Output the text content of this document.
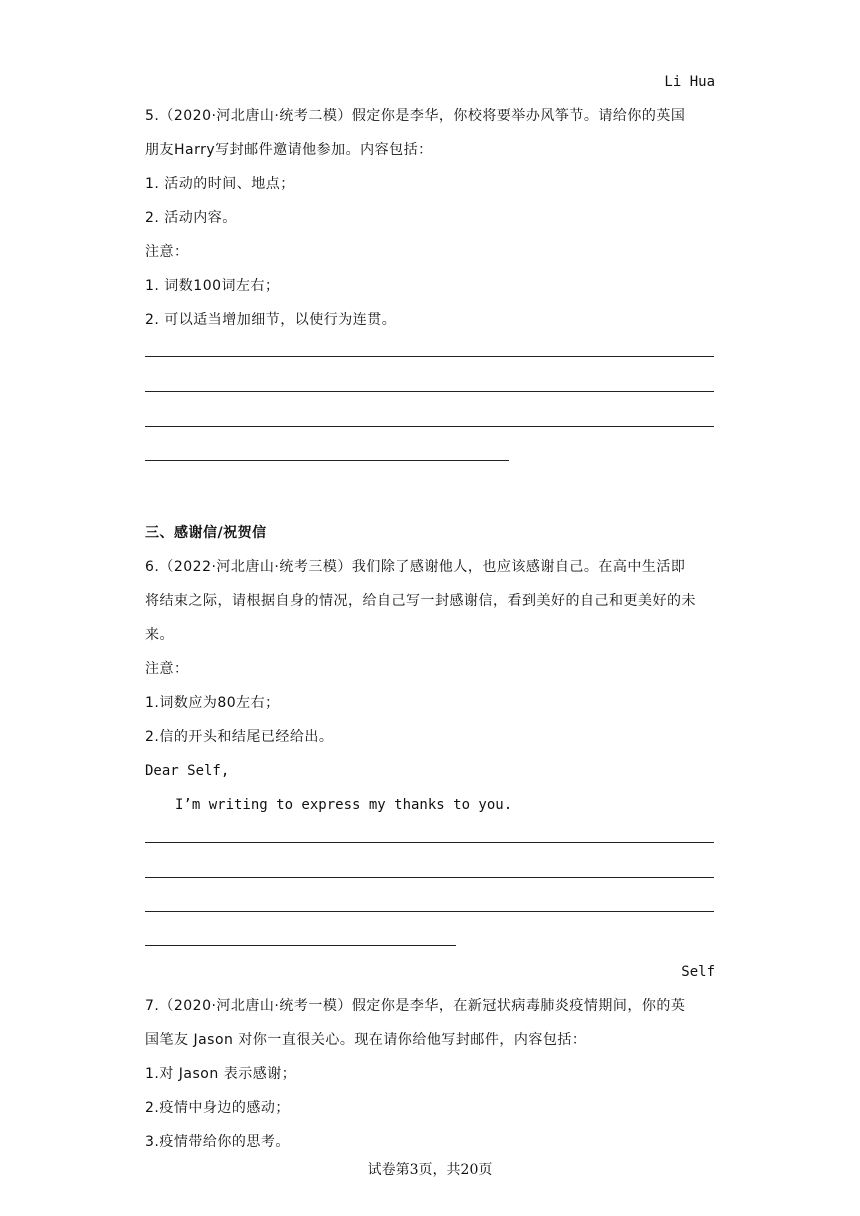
Li Hua
5.（2020·河北唐山·统考二模）假定你是李华，你校将要举办风筝节。请给你的英国
朋友Harry写封邮件邀请他参加。内容包括：
1. 活动的时间、地点；
2. 活动内容。
注意：
1. 词数100词左右；
2. 可以适当增加细节，以使行为连贯。
三、感谢信/祝贺信
6.（2022·河北唐山·统考三模）我们除了感谢他人，也应该感谢自己。在高中生活即
将结束之际，请根据自身的情况，给自己写一封感谢信，看到美好的自己和更美好的未
来。
注意：
1.词数应为80左右；
2.信的开头和结尾已经给出。
Dear Self,
I’m writing to express my thanks to you.
Self
7.（2020·河北唐山·统考一模）假定你是李华，在新冠状病毒肺炎疫情期间，你的英
国笔友 Jason 对你一直很关心。现在请你给他写封邮件，内容包括：
1.对 Jason 表示感谢；
2.疫情中身边的感动；
3.疫情带给你的思考。
试卷第3页，共20页
